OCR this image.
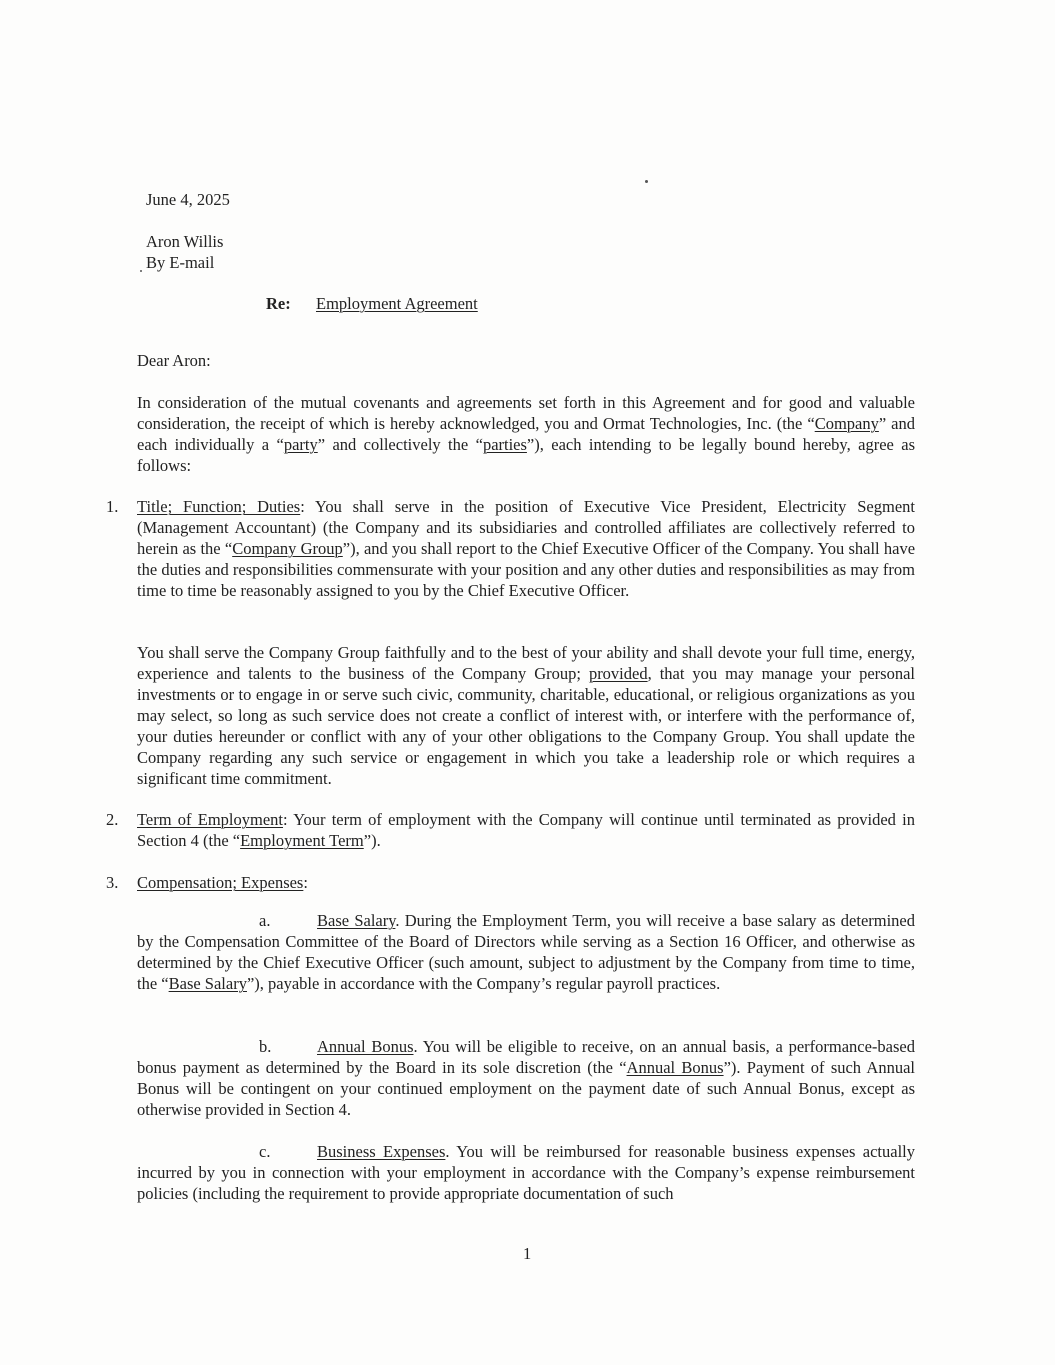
June 4, 2025
Aron Willis
By E-mail
Re: Employment Agreement
Dear Aron:
In consideration of the mutual covenants and agreements set forth in this Agreement and for good and valuable consideration, the receipt of which is hereby acknowledged, you and Ormat Technologies, Inc. (the “Company” and each individually a “party” and collectively the “parties”), each intending to be legally bound hereby, agree as follows:
1. Title; Function; Duties: You shall serve in the position of Executive Vice President, Electricity Segment (Management Accountant) (the Company and its subsidiaries and controlled affiliates are collectively referred to herein as the “Company Group”), and you shall report to the Chief Executive Officer of the Company. You shall have the duties and responsibilities commensurate with your position and any other duties and responsibilities as may from time to time be reasonably assigned to you by the Chief Executive Officer.
You shall serve the Company Group faithfully and to the best of your ability and shall devote your full time, energy, experience and talents to the business of the Company Group; provided, that you may manage your personal investments or to engage in or serve such civic, community, charitable, educational, or religious organizations as you may select, so long as such service does not create a conflict of interest with, or interfere with the performance of, your duties hereunder or conflict with any of your other obligations to the Company Group. You shall update the Company regarding any such service or engagement in which you take a leadership role or which requires a significant time commitment.
2. Term of Employment: Your term of employment with the Company will continue until terminated as provided in Section 4 (the “Employment Term”).
3. Compensation; Expenses:
a.	Base Salary. During the Employment Term, you will receive a base salary as determined by the Compensation Committee of the Board of Directors while serving as a Section 16 Officer, and otherwise as determined by the Chief Executive Officer (such amount, subject to adjustment by the Company from time to time, the “Base Salary”), payable in accordance with the Company’s regular payroll practices.
b.	Annual Bonus. You will be eligible to receive, on an annual basis, a performance-based bonus payment as determined by the Board in its sole discretion (the “Annual Bonus”). Payment of such Annual Bonus will be contingent on your continued employment on the payment date of such Annual Bonus, except as otherwise provided in Section 4.
c.	Business Expenses. You will be reimbursed for reasonable business expenses actually incurred by you in connection with your employment in accordance with the Company’s expense reimbursement policies (including the requirement to provide appropriate documentation of such
1
